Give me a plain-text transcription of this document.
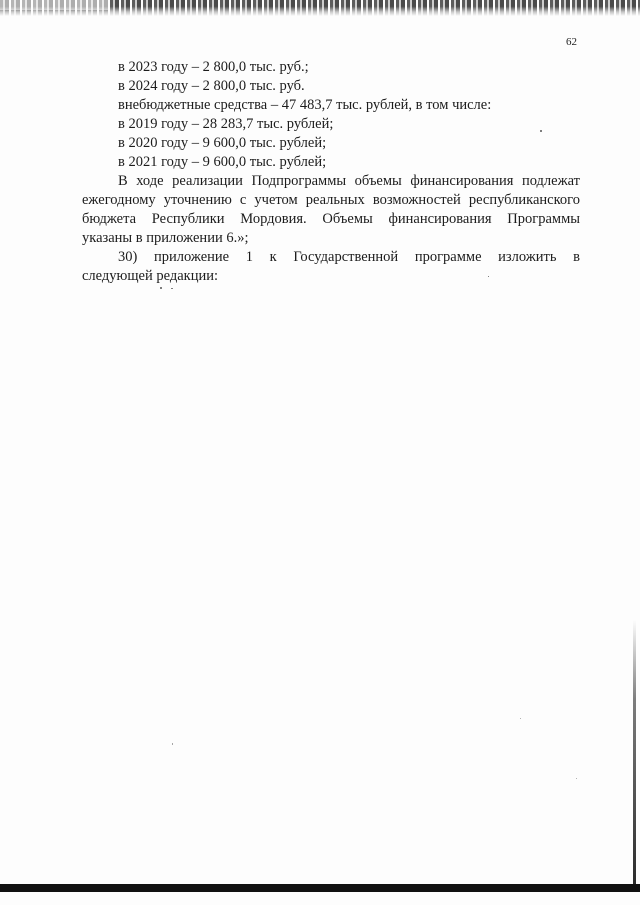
62
в 2023 году – 2 800,0 тыс. руб.;
в 2024 году – 2 800,0 тыс. руб.
внебюджетные средства – 47 483,7 тыс. рублей, в том числе:
в 2019 году – 28 283,7 тыс. рублей;
в 2020 году – 9 600,0 тыс. рублей;
в 2021 году – 9 600,0 тыс. рублей;
В ходе реализации Подпрограммы объемы финансирования подлежат
ежегодному уточнению с учетом реальных возможностей республиканского
бюджета Республики Мордовия. Объемы финансирования Программы
указаны в приложении 6.»;
30) приложение 1 к Государственной программе изложить в
следующей редакции:
